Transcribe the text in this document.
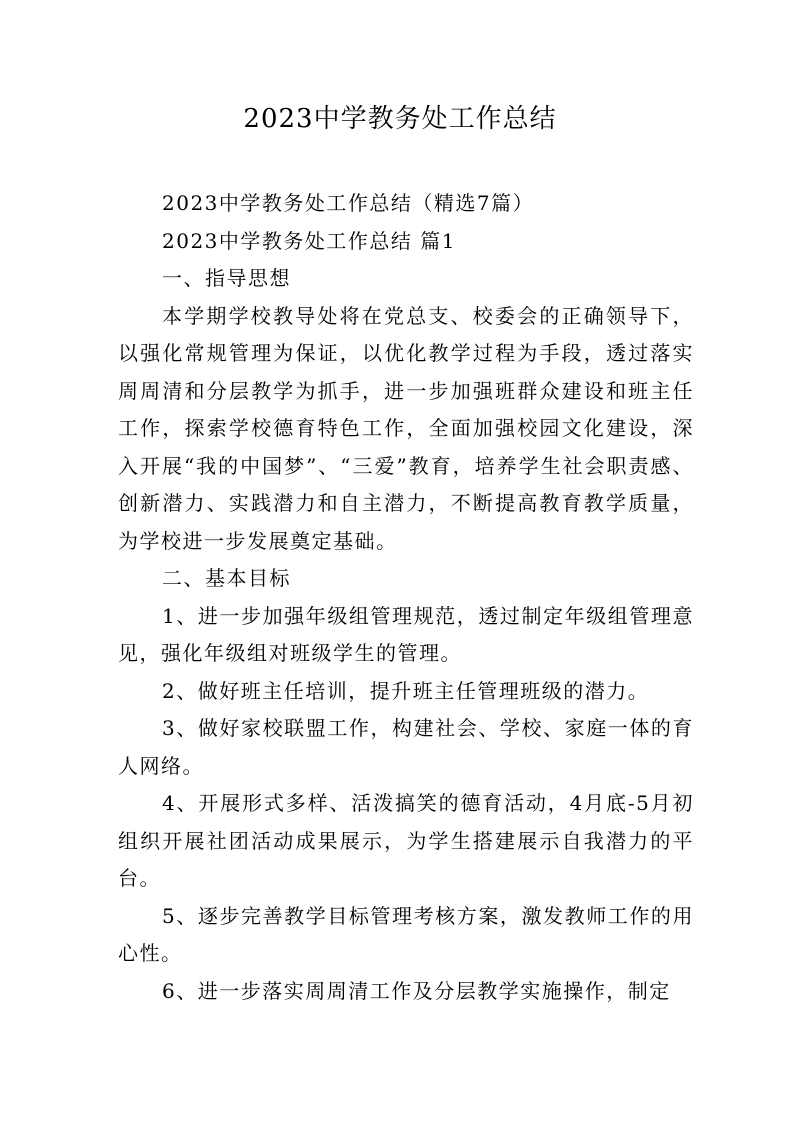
2023中学教务处工作总结

2023中学教务处工作总结（精选7篇）

2023中学教务处工作总结 篇1

一、指导思想

本学期学校教导处将在党总支、校委会的正确领导下，以强化常规管理为保证，以优化教学过程为手段，透过落实周周清和分层教学为抓手，进一步加强班群众建设和班主任工作，探索学校德育特色工作，全面加强校园文化建设，深入开展“我的中国梦”、“三爱”教育，培养学生社会职责感、创新潜力、实践潜力和自主潜力，不断提高教育教学质量，为学校进一步发展奠定基础。

二、基本目标

1、进一步加强年级组管理规范，透过制定年级组管理意见，强化年级组对班级学生的管理。

2、做好班主任培训，提升班主任管理班级的潜力。

3、做好家校联盟工作，构建社会、学校、家庭一体的育人网络。

4、开展形式多样、活泼搞笑的德育活动，4月底-5月初组织开展社团活动成果展示，为学生搭建展示自我潜力的平台。

5、逐步完善教学目标管理考核方案，激发教师工作的用心性。

6、进一步落实周周清工作及分层教学实施操作，制定
